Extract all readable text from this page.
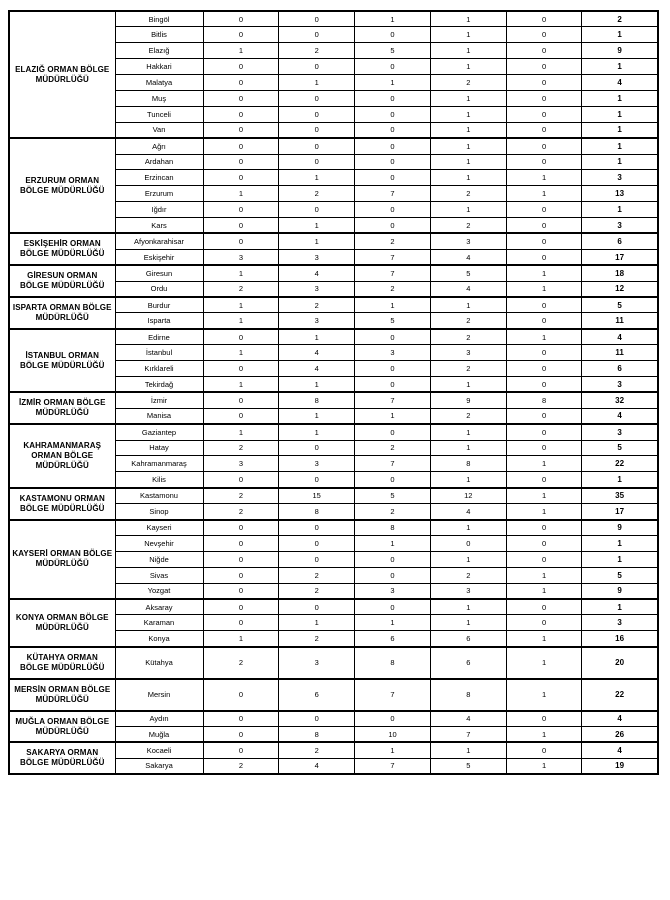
ELAZIĞ ORMAN BÖLGE MÜDÜRLÜĞÜ	Bingöl	0	0	1	1	0	2
	Bitlis	0	0	0	1	0	1
	Elazığ	1	2	5	1	0	9
	Hakkari	0	0	0	1	0	1
	Malatya	0	1	1	2	0	4
	Muş	0	0	0	1	0	1
	Tunceli	0	0	0	1	0	1
	Van	0	0	0	1	0	1
ERZURUM ORMAN BÖLGE MÜDÜRLÜĞÜ	Ağrı	0	0	0	1	0	1
	Ardahan	0	0	0	1	0	1
	Erzincan	0	1	0	1	1	3
	Erzurum	1	2	7	2	1	13
	Iğdır	0	0	0	1	0	1
	Kars	0	1	0	2	0	3
ESKİŞEHİR ORMAN BÖLGE MÜDÜRLÜĞÜ	Afyonkarahisar	0	1	2	3	0	6
	Eskişehir	3	3	7	4	0	17
GİRESUN ORMAN BÖLGE MÜDÜRLÜĞÜ	Giresun	1	4	7	5	1	18
	Ordu	2	3	2	4	1	12
ISPARTA ORMAN BÖLGE MÜDÜRLÜĞÜ	Burdur	1	2	1	1	0	5
	Isparta	1	3	5	2	0	11
İSTANBUL ORMAN BÖLGE MÜDÜRLÜĞÜ	Edirne	0	1	0	2	1	4
	İstanbul	1	4	3	3	0	11
	Kırklareli	0	4	0	2	0	6
	Tekirdağ	1	1	0	1	0	3
İZMİR ORMAN BÖLGE MÜDÜRLÜĞÜ	İzmir	0	8	7	9	8	32
	Manisa	0	1	1	2	0	4
KAHRAMANMARAŞ ORMAN BÖLGE MÜDÜRLÜĞÜ	Gaziantep	1	1	0	1	0	3
	Hatay	2	0	2	1	0	5
	Kahramanmaraş	3	3	7	8	1	22
	Kilis	0	0	0	1	0	1
KASTAMONU ORMAN BÖLGE MÜDÜRLÜĞÜ	Kastamonu	2	15	5	12	1	35
	Sinop	2	8	2	4	1	17
KAYSERİ ORMAN BÖLGE MÜDÜRLÜĞÜ	Kayseri	0	0	8	1	0	9
	Nevşehir	0	0	1	0	0	1
	Niğde	0	0	0	1	0	1
	Sivas	0	2	0	2	1	5
	Yozgat	0	2	3	3	1	9
KONYA ORMAN BÖLGE MÜDÜRLÜĞÜ	Aksaray	0	0	0	1	0	1
	Karaman	0	1	1	1	0	3
	Konya	1	2	6	6	1	16
KÜTAHYA ORMAN BÖLGE MÜDÜRLÜĞÜ	Kütahya	2	3	8	6	1	20
MERSİN ORMAN BÖLGE MÜDÜRLÜĞÜ	Mersin	0	6	7	8	1	22
MUĞLA ORMAN BÖLGE MÜDÜRLÜĞÜ	Aydın	0	0	0	4	0	4
	Muğla	0	8	10	7	1	26
SAKARYA ORMAN BÖLGE MÜDÜRLÜĞÜ	Kocaeli	0	2	1	1	0	4
	Sakarya	2	4	7	5	1	19
